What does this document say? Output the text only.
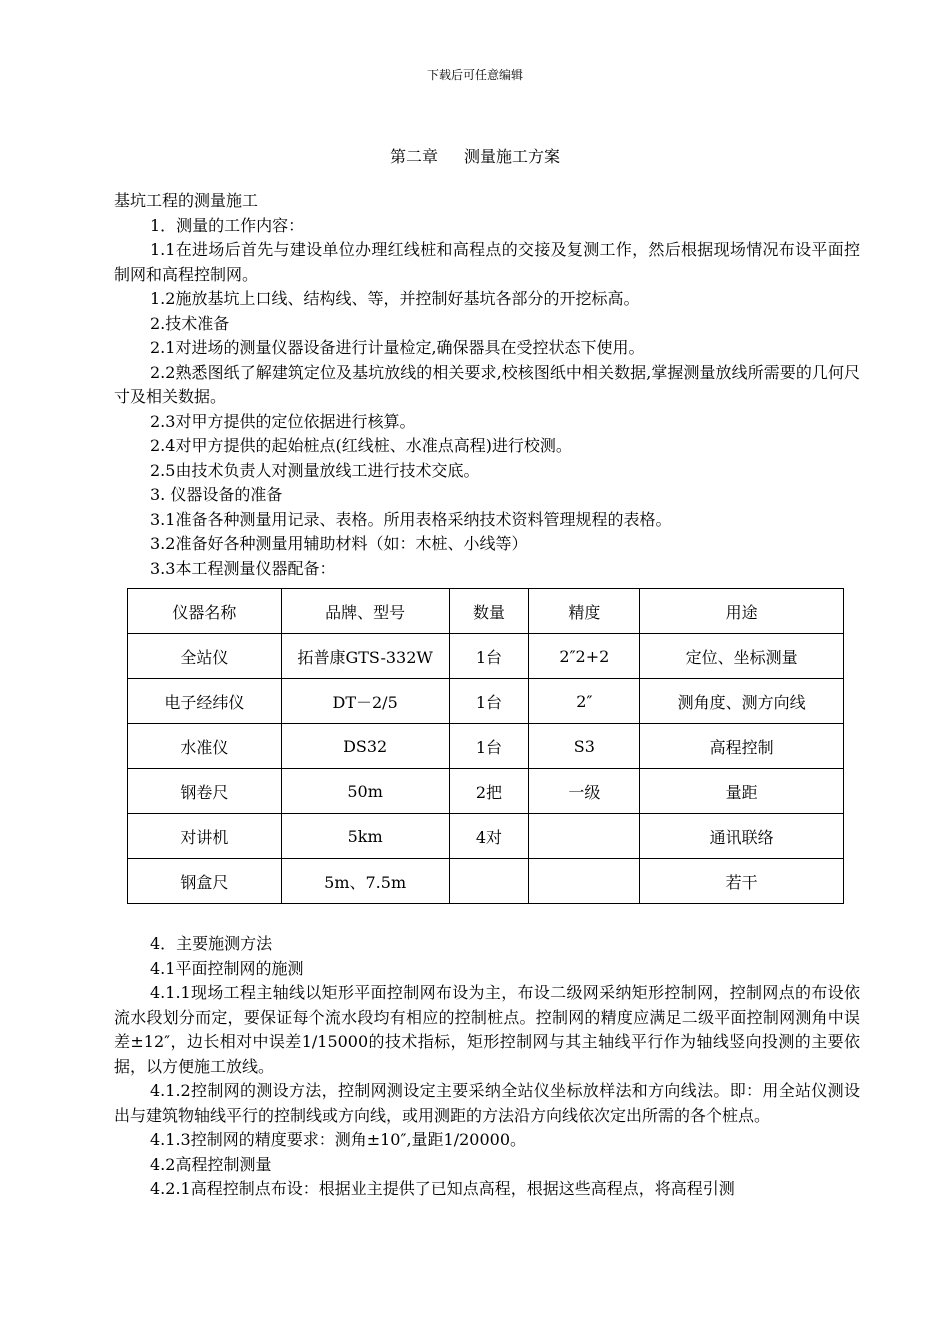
下载后可任意编辑
第二章 测量施工方案

基坑工程的测量施工

1．测量的工作内容：

1.1在进场后首先与建设单位办理红线桩和高程点的交接及复测工作，然后根据现场情况布设平面控制网和高程控制网。

1.2施放基坑上口线、结构线、等，并控制好基坑各部分的开挖标高。

2.技术准备

2.1对进场的测量仪器设备进行计量检定,确保器具在受控状态下使用。

2.2熟悉图纸了解建筑定位及基坑放线的相关要求,校核图纸中相关数据,掌握测量放线所需要的几何尺寸及相关数据。

2.3对甲方提供的定位依据进行核算。

2.4对甲方提供的起始桩点(红线桩、水准点高程)进行校测。

2.5由技术负责人对测量放线工进行技术交底。

3. 仪器设备的准备

3.1准备各种测量用记录、表格。所用表格采纳技术资料管理规程的表格。

3.2准备好各种测量用辅助材料（如：木桩、小线等）

3.3本工程测量仪器配备：

仪器名称	品牌、型号	数量	精度	用途
全站仪	拓普康GTS-332W	1台	2″2+2	定位、坐标测量
电子经纬仪	DT－2/5	1台	2″	测角度、测方向线
水准仪	DS32	1台	S3	高程控制
钢卷尺	50m	2把	一级	量距
对讲机	5km	4对		通讯联络
钢盒尺	5m、7.5m			若干

4．主要施测方法

4.1平面控制网的施测

4.1.1现场工程主轴线以矩形平面控制网布设为主，布设二级网采纳矩形控制网，控制网点的布设依流水段划分而定，要保证每个流水段均有相应的控制桩点。控制网的精度应满足二级平面控制网测角中误差±12″，边长相对中误差1/15000的技术指标，矩形控制网与其主轴线平行作为轴线竖向投测的主要依据，以方便施工放线。

4.1.2控制网的测设方法，控制网测设定主要采纳全站仪坐标放样法和方向线法。即：用全站仪测设出与建筑物轴线平行的控制线或方向线，或用测距的方法沿方向线依次定出所需的各个桩点。

4.1.3控制网的精度要求：测角±10″,量距1/20000。

4.2高程控制测量

4.2.1高程控制点布设：根据业主提供了已知点高程，根据这些高程点，将高程引测
